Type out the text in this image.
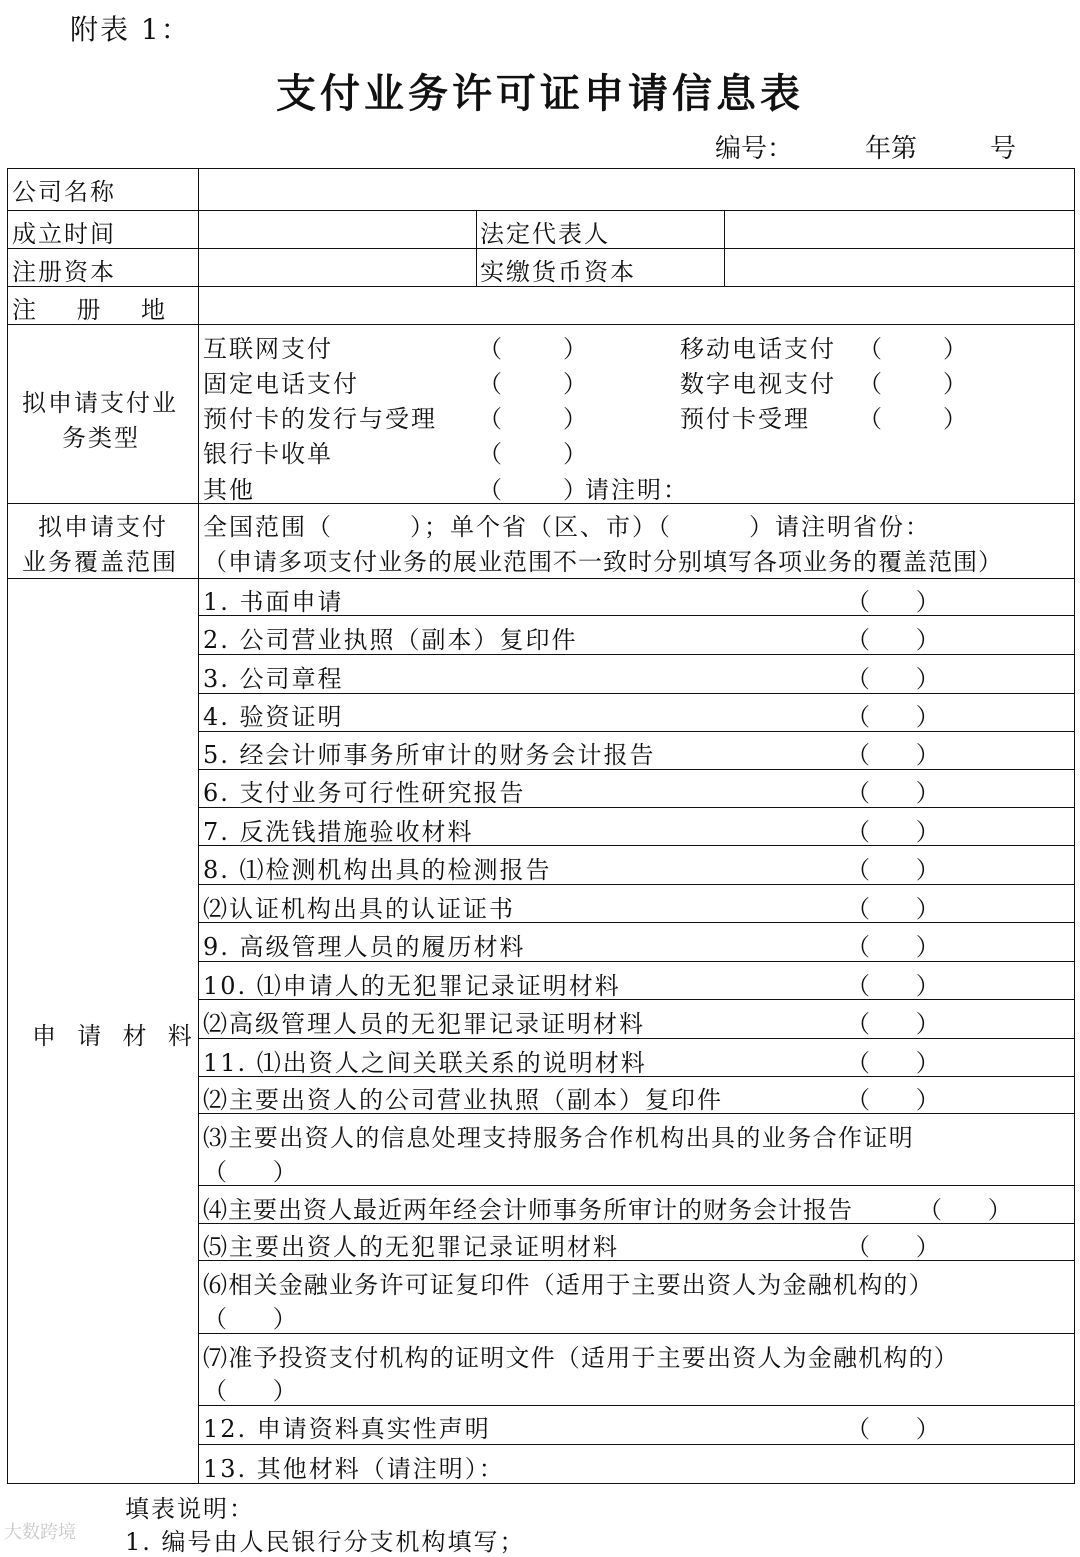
附表 1：
支付业务许可证申请信息表
编号：	年第	号
公司名称
成立时间	法定代表人
注册资本	实缴货币资本
注    册    地
拟申请支付业
务类型
互联网支付	（        ）	移动电话支付 （        ）
固定电话支付	（        ）	数字电视支付 （        ）
预付卡的发行与受理 （        ）	预付卡受理 （        ）
银行卡收单	（        ）
其他	（        ）
请注明：
拟申请支付
业务覆盖范围
全国范围（        ）；单个省（区、市）（        ）请注明省份：
（申请多项支付业务的展业范围不一致时分别填写各项业务的覆盖范围）
申  请  材  料
1. 书面申请	（      ）
2. 公司营业执照（副本）复印件	（      ）
3. 公司章程	（      ）
4. 验资证明	（      ）
5. 经会计师事务所审计的财务会计报告	（      ）
6. 支付业务可行性研究报告	（      ）
7. 反洗钱措施验收材料	（      ）
8. ⑴检测机构出具的检测报告	（      ）
⑵认证机构出具的认证证书	（      ）
9. 高级管理人员的履历材料	（      ）
10. ⑴申请人的无犯罪记录证明材料	（      ）
⑵高级管理人员的无犯罪记录证明材料	（      ）
11. ⑴出资人之间关联关系的说明材料	（      ）
⑵主要出资人的公司营业执照（副本）复印件	（      ）
⑶主要出资人的信息处理支持服务合作机构出具的业务合作证明
（      ）
⑷主要出资人最近两年经会计师事务所审计的财务会计报告	（      ）
⑸主要出资人的无犯罪记录证明材料	（      ）
⑹相关金融业务许可证复印件（适用于主要出资人为金融机构的）
（      ）
⑺准予投资支付机构的证明文件（适用于主要出资人为金融机构的）
（      ）
12. 申请资料真实性声明	（      ）
13. 其他材料（请注明）：
填表说明：
1. 编号由人民银行分支机构填写；
大数跨境
